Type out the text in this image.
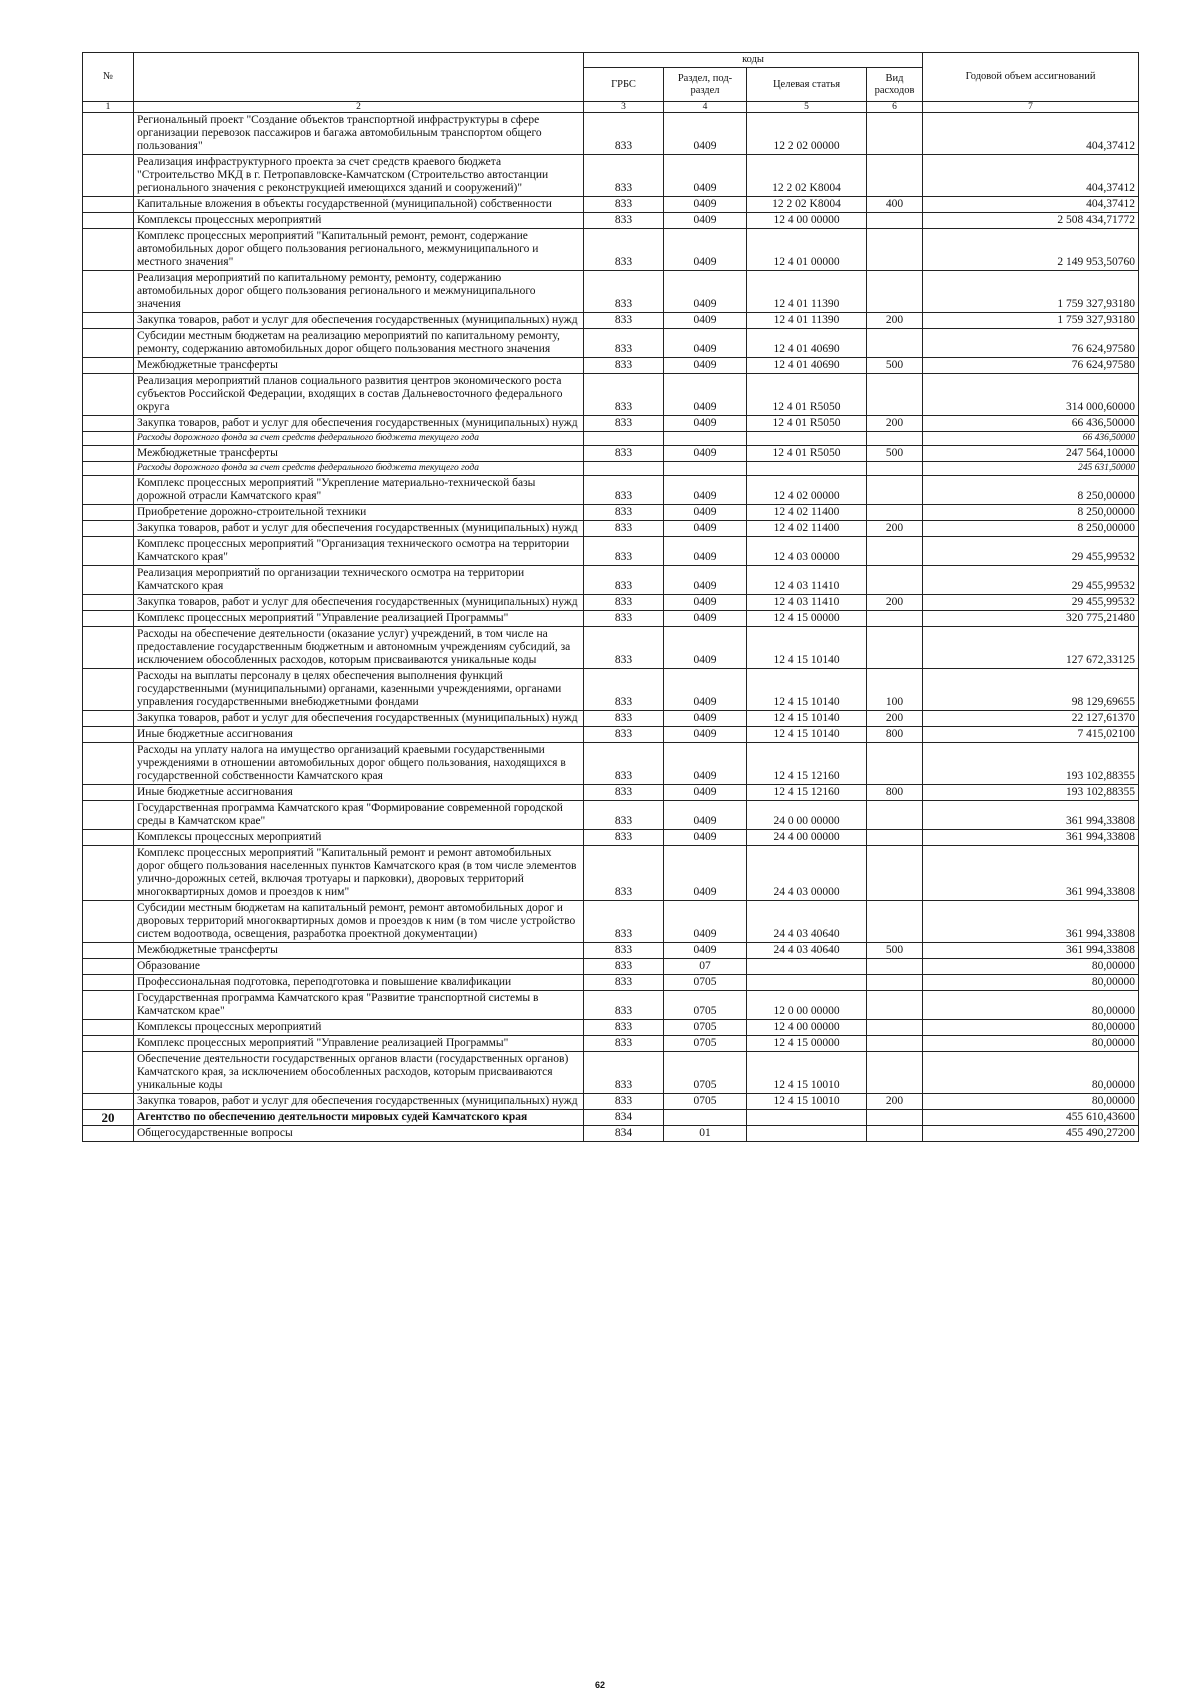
№		коды				Годовой объем ассигнований
		ГРБС	Раздел, под-раздел	Целевая статья	Вид расходов	
1	2	3	4	5	6	7
	Региональный проект "Создание объектов транспортной инфраструктуры в сфере организации перевозок пассажиров и багажа автомобильным транспортом общего пользования"	833	0409	12 2 02 00000		404,37412
	Реализация инфраструктурного проекта за счет средств краевого бюджета "Строительство МКД в г. Петропавловске-Камчатском (Строительство автостанции регионального значения с реконструкцией имеющихся зданий и сооружений)"	833	0409	12 2 02 K8004		404,37412
	Капитальные вложения в объекты государственной (муниципальной) собственности	833	0409	12 2 02 K8004	400	404,37412
	Комплексы процессных мероприятий	833	0409	12 4 00 00000		2 508 434,71772
	Комплекс процессных мероприятий "Капитальный ремонт, ремонт, содержание автомобильных дорог общего пользования регионального, межмуниципального и местного значения"	833	0409	12 4 01 00000		2 149 953,50760
	Реализация мероприятий по капитальному ремонту, ремонту, содержанию автомобильных дорог общего пользования регионального и межмуниципального значения	833	0409	12 4 01 11390		1 759 327,93180
	Закупка товаров, работ и услуг для обеспечения государственных (муниципальных) нужд	833	0409	12 4 01 11390	200	1 759 327,93180
	Субсидии местным бюджетам на реализацию мероприятий по капитальному ремонту, ремонту, содержанию автомобильных дорог общего пользования местного значения	833	0409	12 4 01 40690		76 624,97580
	Межбюджетные трансферты	833	0409	12 4 01 40690	500	76 624,97580
	Реализация мероприятий планов социального развития центров экономического роста субъектов Российской Федерации, входящих в состав Дальневосточного федерального округа	833	0409	12 4 01 R5050		314 000,60000
	Закупка товаров, работ и услуг для обеспечения государственных (муниципальных) нужд	833	0409	12 4 01 R5050	200	66 436,50000
	Расходы дорожного фонда за счет средств федерального бюджета текущего года					66 436,50000
	Межбюджетные трансферты	833	0409	12 4 01 R5050	500	247 564,10000
	Расходы дорожного фонда за счет средств федерального бюджета текущего года					245 631,50000
	Комплекс процессных мероприятий "Укрепление материально-технической базы дорожной отрасли Камчатского края"	833	0409	12 4 02 00000		8 250,00000
	Приобретение дорожно-строительной техники	833	0409	12 4 02 11400		8 250,00000
	Закупка товаров, работ и услуг для обеспечения государственных (муниципальных) нужд	833	0409	12 4 02 11400	200	8 250,00000
	Комплекс процессных мероприятий "Организация технического осмотра на территории Камчатского края"	833	0409	12 4 03 00000		29 455,99532
	Реализация мероприятий по организации технического осмотра на территории Камчатского края	833	0409	12 4 03 11410		29 455,99532
	Закупка товаров, работ и услуг для обеспечения государственных (муниципальных) нужд	833	0409	12 4 03 11410	200	29 455,99532
	Комплекс процессных мероприятий "Управление реализацией Программы"	833	0409	12 4 15 00000		320 775,21480
	Расходы на обеспечение деятельности (оказание услуг) учреждений, в том числе на предоставление государственным бюджетным и автономным учреждениям субсидий, за исключением обособленных расходов, которым присваиваются уникальные коды	833	0409	12 4 15 10140		127 672,33125
	Расходы на выплаты персоналу в целях обеспечения выполнения функций государственными (муниципальными) органами, казенными учреждениями, органами управления государственными внебюджетными фондами	833	0409	12 4 15 10140	100	98 129,69655
	Закупка товаров, работ и услуг для обеспечения государственных (муниципальных) нужд	833	0409	12 4 15 10140	200	22 127,61370
	Иные бюджетные ассигнования	833	0409	12 4 15 10140	800	7 415,02100
	Расходы на уплату налога на имущество организаций краевыми государственными учреждениями в отношении автомобильных дорог общего пользования, находящихся в государственной собственности Камчатского края	833	0409	12 4 15 12160		193 102,88355
	Иные бюджетные ассигнования	833	0409	12 4 15 12160	800	193 102,88355
	Государственная программа Камчатского края "Формирование современной городской среды в Камчатском крае"	833	0409	24 0 00 00000		361 994,33808
	Комплексы процессных мероприятий	833	0409	24 4 00 00000		361 994,33808
	Комплекс процессных мероприятий "Капитальный ремонт и ремонт автомобильных дорог общего пользования населенных пунктов Камчатского края (в том числе элементов улично-дорожных сетей, включая тротуары и парковки), дворовых территорий многоквартирных домов и проездов к ним"	833	0409	24 4 03 00000		361 994,33808
	Субсидии местным бюджетам на капитальный ремонт, ремонт автомобильных дорог и дворовых территорий многоквартирных домов и проездов к ним (в том числе устройство систем водоотвода, освещения, разработка проектной документации)	833	0409	24 4 03 40640		361 994,33808
	Межбюджетные трансферты	833	0409	24 4 03 40640	500	361 994,33808
	Образование	833	07			80,00000
	Профессиональная подготовка, переподготовка и повышение квалификации	833	0705			80,00000
	Государственная программа Камчатского края "Развитие транспортной системы в Камчатском крае"	833	0705	12 0 00 00000		80,00000
	Комплексы процессных мероприятий	833	0705	12 4 00 00000		80,00000
	Комплекс процессных мероприятий "Управление реализацией Программы"	833	0705	12 4 15 00000		80,00000
	Обеспечение деятельности государственных органов власти (государственных органов) Камчатского края, за исключением обособленных расходов, которым присваиваются уникальные коды	833	0705	12 4 15 10010		80,00000
	Закупка товаров, работ и услуг для обеспечения государственных (муниципальных) нужд	833	0705	12 4 15 10010	200	80,00000
20	Агентство по обеспечению деятельности мировых судей Камчатского края	834				455 610,43600
	Общегосударственные вопросы	834	01			455 490,27200
62
